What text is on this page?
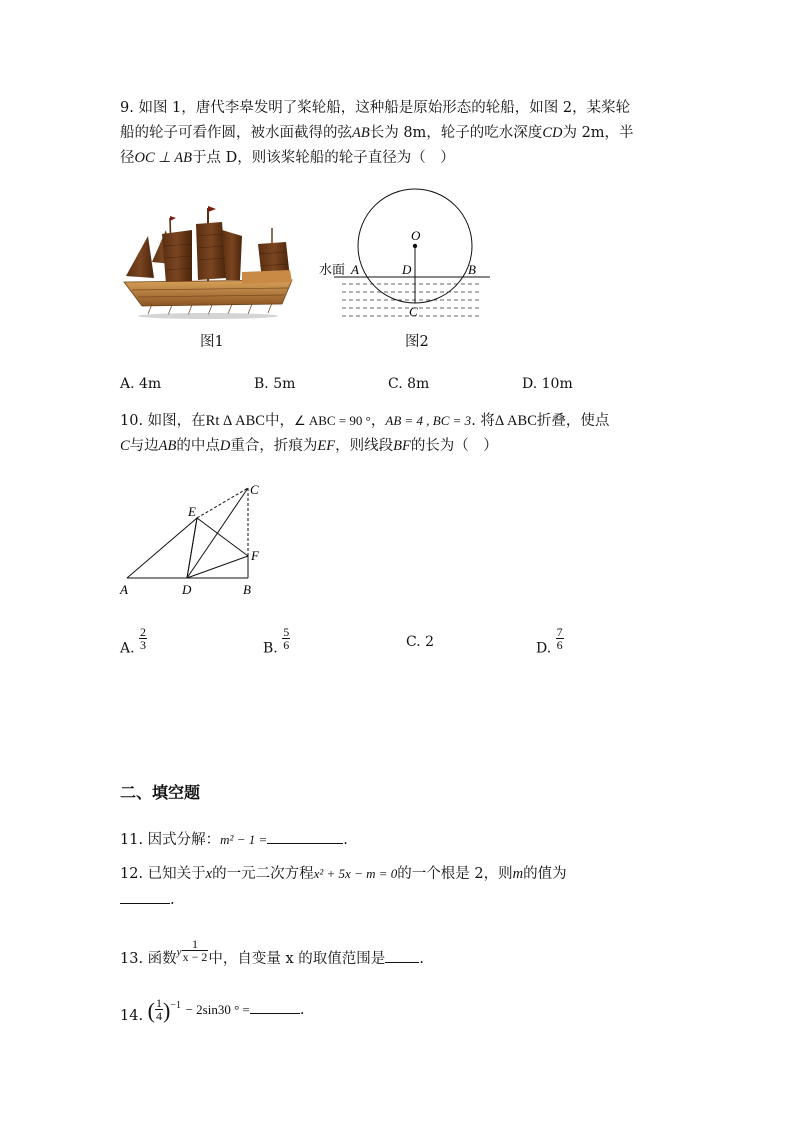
9. 如图 1，唐代李皋发明了桨轮船，这种船是原始形态的轮船，如图 2，某桨轮
船的轮子可看作圆，被水面截得的弦AB长为 8m，轮子的吃水深度CD为 2m，半
径OC ⊥ AB于点 D，则该桨轮船的轮子直径为（　）
图1
O
水面 A	D	B
C
图2
A. 4m	B. 5m	C. 8m	D. 10m
10. 如图，在Rt Δ ABC中，∠ ABC = 90 °，AB = 4 , BC = 3. 将Δ ABC折叠，使点
C与边AB的中点D重合，折痕为EF，则线段BF的长为（　）
C
E
F
A	D	B
A. $\frac{2}{3}$	B. $\frac{5}{6}$	C. 2	D. $\frac{7}{6}$
二、填空题
11. 因式分解：m² − 1 =	.
12. 已知关于x的一元二次方程x² + 5x − m = 0的一个根是 2，则m的值为
.
13. 函数$^y \frac{1}{x - 2}$ 中，自变量 x 的取值范围是 .
14. ( $\frac{1}{4} )^{-1} - 2\sin 30$ ° =	.
